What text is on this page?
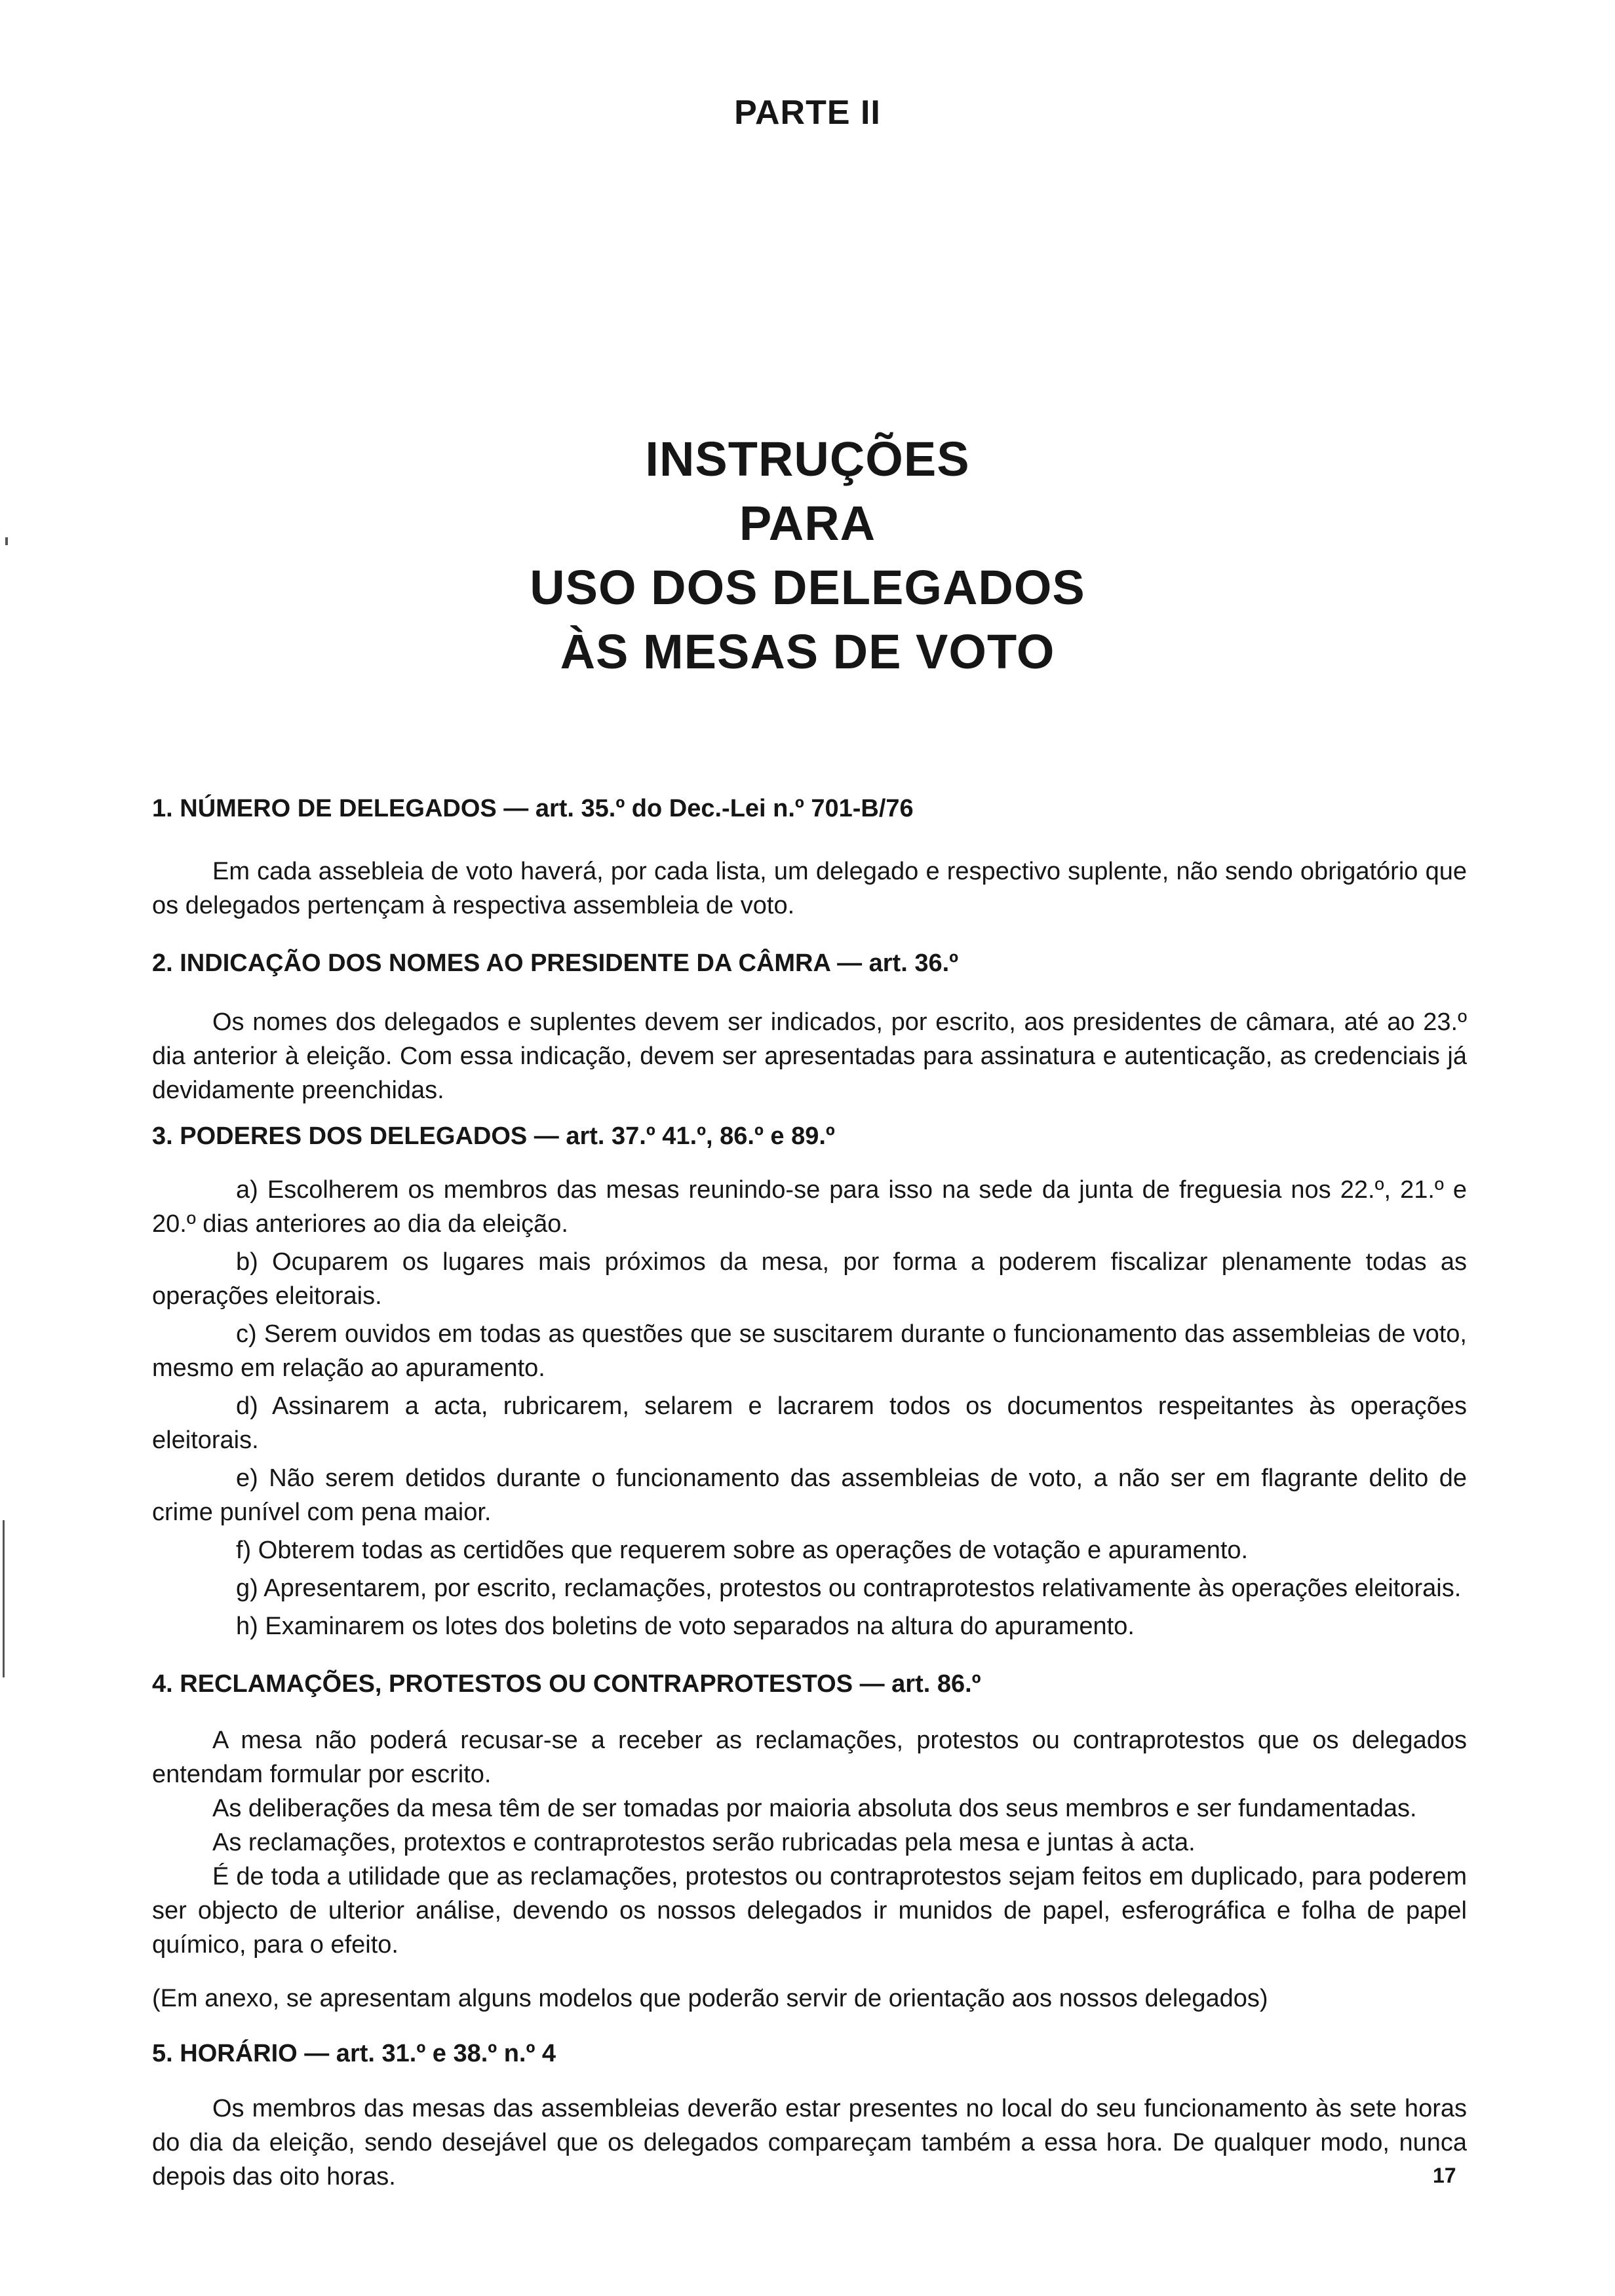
PARTE II
INSTRUÇÕES
PARA
USO DOS DELEGADOS
ÀS MESAS DE VOTO
1. NÚMERO DE DELEGADOS — art. 35.º do Dec.-Lei n.º 701-B/76

Em cada assebleia de voto haverá, por cada lista, um delegado e respectivo suplente, não sendo obrigatório que os delegados pertençam à respectiva assembleia de voto.

2. INDICAÇÃO DOS NOMES AO PRESIDENTE DA CÂMRA — art. 36.º

Os nomes dos delegados e suplentes devem ser indicados, por escrito, aos presidentes de câmara, até ao 23.º dia anterior à eleição. Com essa indicação, devem ser apresentadas para assinatura e autenticação, as credenciais já devidamente preenchidas.

3. PODERES DOS DELEGADOS — art. 37.º 41.º, 86.º e 89.º

a) Escolherem os membros das mesas reunindo-se para isso na sede da junta de freguesia nos 22.º, 21.º e 20.º dias anteriores ao dia da eleição.

b) Ocuparem os lugares mais próximos da mesa, por forma a poderem fiscalizar plenamente todas as operações eleitorais.

c) Serem ouvidos em todas as questões que se suscitarem durante o funcionamento das assembleias de voto, mesmo em relação ao apuramento.

d) Assinarem a acta, rubricarem, selarem e lacrarem todos os documentos respeitantes às operações eleitorais.

e) Não serem detidos durante o funcionamento das assembleias de voto, a não ser em flagrante delito de crime punível com pena maior.

f) Obterem todas as certidões que requerem sobre as operações de votação e apuramento.

g) Apresentarem, por escrito, reclamações, protestos ou contraprotestos relativamente às operações eleitorais.

h) Examinarem os lotes dos boletins de voto separados na altura do apuramento.

4. RECLAMAÇÕES, PROTESTOS OU CONTRAPROTESTOS — art. 86.º

A mesa não poderá recusar-se a receber as reclamações, protestos ou contraprotestos que os delegados entendam formular por escrito.

As deliberações da mesa têm de ser tomadas por maioria absoluta dos seus membros e ser fundamentadas.

As reclamações, protextos e contraprotestos serão rubricadas pela mesa e juntas à acta.

É de toda a utilidade que as reclamações, protestos ou contraprotestos sejam feitos em duplicado, para poderem ser objecto de ulterior análise, devendo os nossos delegados ir munidos de papel, esferográfica e folha de papel químico, para o efeito.

(Em anexo, se apresentam alguns modelos que poderão servir de orientação aos nossos delegados)
5. HORÁRIO — art. 31.º e 38.º n.º 4

Os membros das mesas das assembleias deverão estar presentes no local do seu funcionamento às sete horas do dia da eleição, sendo desejável que os delegados compareçam também a essa hora. De qualquer modo, nunca depois das oito horas.	17
